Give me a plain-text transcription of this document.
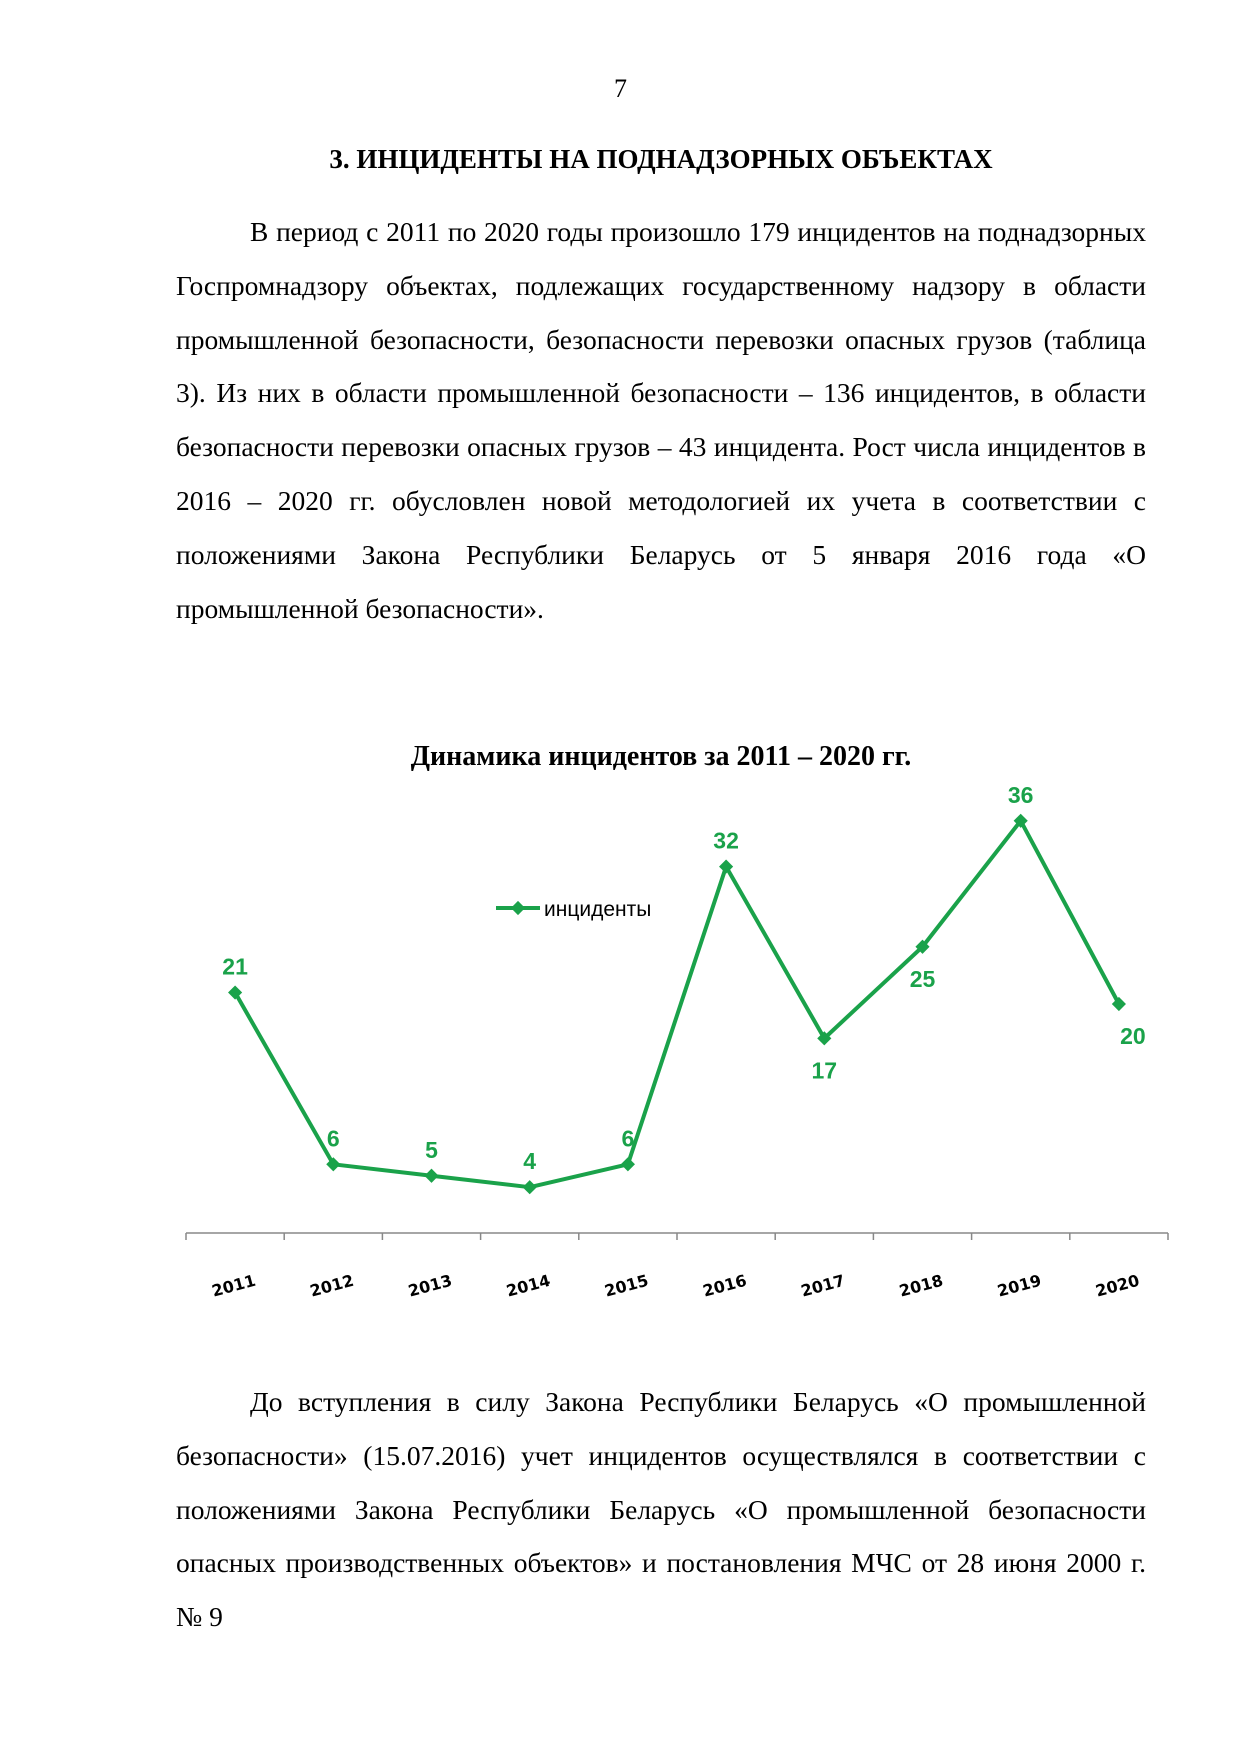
7
3. ИНЦИДЕНТЫ НА ПОДНАДЗОРНЫХ ОБЪЕКТАХ

В период с 2011 по 2020 годы произошло 179 инцидентов на поднадзорных Госпромнадзору объектах, подлежащих государственному надзору в области промышленной безопасности, безопасности перевозки опасных грузов (таблица 3). Из них в области промышленной безопасности – 136 инцидентов, в области безопасности перевозки опасных грузов – 43 инцидента. Рост числа инцидентов в 2016 – 2020 гг. обусловлен новой методологией их учета в соответствии с положениями Закона Республики Беларусь от 5 января 2016 года «О промышленной безопасности».

Динамика инцидентов за 2011 – 2020 гг.
2011	2012	2013	2014	2015	2016	2017	2018	2019	2020
21
6	5	4
6
32
17
25
36
20
инциденты

До вступления в силу Закона Республики Беларусь «О промышленной безопасности» (15.07.2016) учет инцидентов осуществлялся в соответствии с положениями Закона Республики Беларусь «О промышленной безопасности опасных производственных объектов» и постановления МЧС от 28 июня 2000 г. № 9
